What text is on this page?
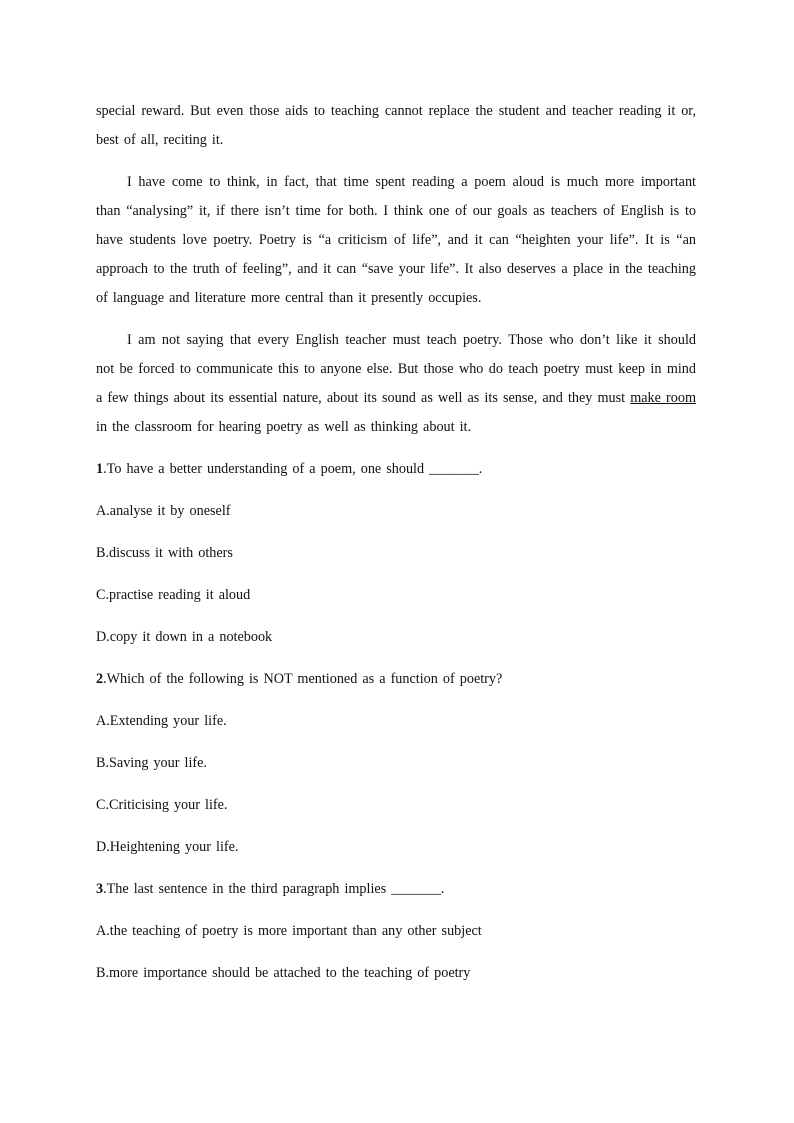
special reward. But even those aids to teaching cannot replace the student and teacher reading it or, best of all, reciting it.

I have come to think, in fact, that time spent reading a poem aloud is much more important than “analysing” it, if there isn’t time for both. I think one of our goals as teachers of English is to have students love poetry. Poetry is “a criticism of life”, and it can “heighten your life”. It is “an approach to the truth of feeling”, and it can “save your life”. It also deserves a place in the teaching of language and literature more central than it presently occupies.

I am not saying that every English teacher must teach poetry. Those who don’t like it should not be forced to communicate this to anyone else. But those who do teach poetry must keep in mind a few things about its essential nature, about its sound as well as its sense, and they must make room in the classroom for hearing poetry as well as thinking about it.

1.To have a better understanding of a poem, one should _______.
A.analyse it by oneself
B.discuss it with others
C.practise reading it aloud
D.copy it down in a notebook
2.Which of the following is NOT mentioned as a function of poetry?
A.Extending your life.
B.Saving your life.
C.Criticising your life.
D.Heightening your life.
3.The last sentence in the third paragraph implies _______.
A.the teaching of poetry is more important than any other subject
B.more importance should be attached to the teaching of poetry
